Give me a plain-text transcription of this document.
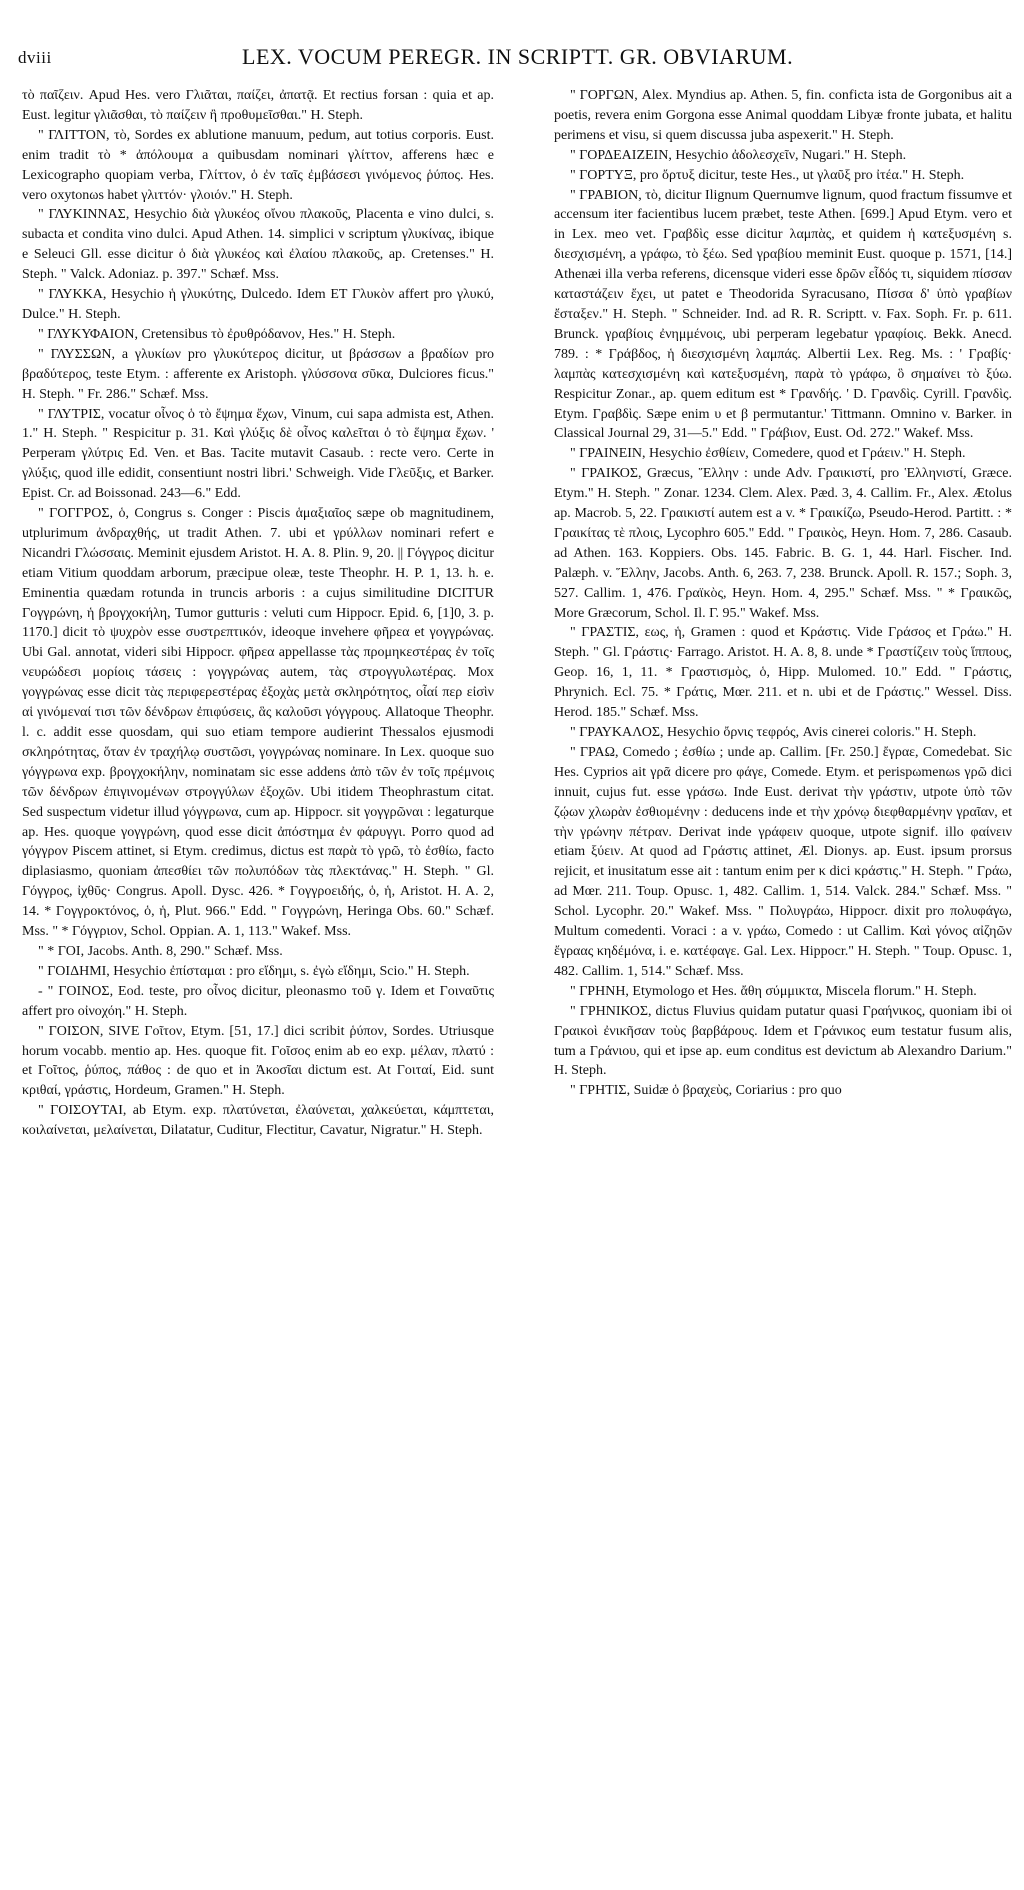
dviii	LEX. VOCUM PEREGR. IN SCRIPTT. GR. OBVIARUM.

τὸ παῖζειν. Apud Hes. vero Γλιᾶται, παίζει, ἀπατᾷ. Et rectius forsan : quia et ap. Eust. legitur γλιᾶσθαι, τὸ παίζειν ἢ προθυμεῖσθαι." H. Steph.

" ΓΛΙΤΤΟΝ, τὸ, Sordes ex ablutione manuum, pedum, aut totius corporis. Eust. enim tradit τὸ * ἀπόλουμα a quibusdam nominari γλίττον, afferens hæc e Lexicographo quopiam verba, Γλίττον, ὁ ἐν ταῖς ἐμβάσεσι γινόμενος ῥύπος. Hes. vero oxytonωs habet γλιττόν· γλοιόν." H. Steph.

" ΓΛΥΚΙΝΝΑΣ, Hesychio διὰ γλυκέος οἴνου πλακοῦς, Placenta e vino dulci, s. subacta et condita vino dulci. Apud Athen. 14. simplici ν scriptum γλυκίνας, ibique e Seleuci Gll. esse dicitur ὁ διὰ γλυκέος καὶ ἐλαίου πλακοῦς, ap. Cretenses." H. Steph. " Valck. Adoniaz. p. 397." Schæf. Mss.

" ΓΛΥΚΚΑ, Hesychio ἡ γλυκύτης, Dulcedo. Idem ET Γλυκὸν affert pro γλυκύ, Dulce." H. Steph.

" ΓΛΥΚΥΦΑΙΟΝ, Cretensibus τὸ ἐρυθρόδανον, Hes." H. Steph.

" ΓΛΥΣΣΩΝ, a γλυκίων pro γλυκύτερος dicitur, ut βράσσων a βραδίων pro βραδύτερος, teste Etym. : afferente ex Aristoph. γλύσσονα σῦκα, Dulciores ficus." H. Steph. " Fr. 286." Schæf. Mss.

" ΓΛΥΤΡΙΣ, vocatur οἶνος ὁ τὸ ἕψημα ἔχων, Vinum, cui sapa admista est, Athen. 1." H. Steph. " Respicitur p. 31. Καὶ γλύξις δὲ οἶνος καλεῖται ὁ τὸ ἕψημα ἔχων. ' Perperam γλύτρις Ed. Ven. et Bas. Tacite mutavit Casaub. : recte vero. Certe in γλύξις, quod ille edidit, consentiunt nostri libri.' Schweigh. Vide Γλεῦξις, et Barker. Epist. Cr. ad Boissonad. 243—6." Edd.

" ΓΟΓΓΡΟΣ, ὁ, Congrus s. Conger : Piscis ἁμαξιαῖος sæpe ob magnitudinem, utplurimum ἀνδραχθής, ut tradit Athen. 7. ubi et γρύλλων nominari refert e Nicandri Γλώσσαις. Meminit ejusdem Aristot. H. A. 8. Plin. 9, 20. || Γόγγρος dicitur etiam Vitium quoddam arborum, præcipue oleæ, teste Theophr. H. P. 1, 13. h. e. Eminentia quædam rotunda in truncis arboris : a cujus similitudine DICITUR Γογγρώνη, ἡ βρογχοκήλη, Tumor gutturis : veluti cum Hippocr. Epid. 6, [1]0, 3. p. 1170.] dicit τὸ ψυχρὸν esse συστρεπτικόν, ideoque invehere φῆρεα et γογγρώνας. Ubi Gal. annotat, videri sibi Hippocr. φῆρεα appellasse τὰς προμηκεστέρας ἐν τοῖς νευρώδεσι μορίοις τάσεις : γογγρώνας autem, τὰς στρογγυλωτέρας. Mox γογγρώνας esse dicit τὰς περιφερεστέρας ἐξοχὰς μετὰ σκληρότητος, οἷαί περ εἰσὶν αἱ γινόμεναί τισι τῶν δένδρων ἐπιφύσεις, ἃς καλοῦσι γόγγρους. Allatoque Theophr. l. c. addit esse quosdam, qui suo etiam tempore audierint Thessalos ejusmodi σκληρότητας, ὅταν ἐν τραχήλῳ συστῶσι, γογγρώνας nominare. In Lex. quoque suo γόγγρωνα exp. βρογχοκήλην, nominatam sic esse addens ἀπὸ τῶν ἐν τοῖς πρέμνοις τῶν δένδρων ἐπιγινομένων στρογγύλων ἐξοχῶν. Ubi itidem Theophrastum citat. Sed suspectum videtur illud γόγγρωνα, cum ap. Hippocr. sit γογγρῶναι : legaturque ap. Hes. quoque γογγρώνη, quod esse dicit ἀπόστημα ἐν φάρυγγι. Porro quod ad γόγγρον Piscem attinet, si Etym. credimus, dictus est παρὰ τὸ γρῶ, τὸ ἐσθίω, facto diplasiasmo, quoniam ἀπεσθίει τῶν πολυπόδων τὰς πλεκτάνας." H. Steph. " Gl. Γόγγρος, ἰχθῦς· Congrus. Apoll. Dysc. 426. * Γογγροειδής, ὁ, ἡ, Aristot. H. A. 2, 14. * Γογγροκτόνος, ὁ, ἡ, Plut. 966." Edd. " Γογγρώνη, Heringa Obs. 60." Schæf. Mss. " * Γόγγριον, Schol. Oppian. A. 1, 113." Wakef. Mss.

" * ΓΟΙ, Jacobs. Anth. 8, 290." Schæf. Mss.

" ΓΟΙΔΗΜΙ, Hesychio ἐπίσταμαι : pro εἴδημι, s. ἐγὼ εἴδημι, Scio." H. Steph.

- " ΓΟΙΝΟΣ, Eod. teste, pro οἶνος dicitur, pleonasmo τοῦ γ. Idem et Γοιναῦτις affert pro οἰνοχόη." H. Steph.

" ΓΟΙΣΟΝ, SIVE Γοῖτον, Etym. [51, 17.] dici scribit ῥύπον, Sordes. Utriusque horum vocabb. mentio ap. Hes. quoque fit. Γοῖσος enim ab eo exp. μέλαν, πλατύ : et Γοῖτος, ῥύπος, πάθος : de quo et in Ἀκοσῖαι dictum est. At Γοιταί, Eid. sunt κριθαί, γράστις, Hordeum, Gramen." H. Steph.

" ΓΟΙΣΟΥΤΑΙ, ab Etym. exp. πλατύνεται, ἐλαύνεται, χαλκεύεται, κάμπτεται, κοιλαίνεται, μελαίνεται, Dilatatur, Cuditur, Flectitur, Cavatur, Nigratur." H. Steph.

" ΓΟΡΓΩΝ, Alex. Myndius ap. Athen. 5, fin. conficta ista de Gorgonibus ait a poetis, revera enim Gorgona esse Animal quoddam Libyæ fronte jubata, et halitu perimens et visu, si quem discussa juba aspexerit." H. Steph.

" ΓΟΡΔΕΑΙΖΕΙΝ, Hesychio ἀδολεσχεῖν, Nugari." H. Steph.

" ΓΟΡΤΥΞ, pro ὄρτυξ dicitur, teste Hes., ut γλαῦξ pro ἰτέα." H. Steph.

" ΓΡΑΒΙΟΝ, τὸ, dicitur Ilignum Quernumve lignum, quod fractum fissumve et accensum iter facientibus lucem præbet, teste Athen. [699.] Apud Etym. vero et in Lex. meo vet. Γραβδὶς esse dicitur λαμπὰς, et quidem ἡ κατεξυσμένη s. διεσχισμένη, a γράφω, τὸ ξέω. Sed γραβίου meminit Eust. quoque p. 1571, [14.] Athenæi illa verba referens, dicensque videri esse δρῶν εἶδός τι, siquidem πίσσαν καταστάζειν ἔχει, ut patet e Theodorida Syracusano, Πίσσα δ' ὑπὸ γραβίων ἔσταξεν." H. Steph. " Schneider. Ind. ad R. R. Scriptt. v. Fax. Soph. Fr. p. 611. Brunck. γραβίοις ἐνημμένοις, ubi perperam legebatur γραφίοις. Bekk. Anecd. 789. : * Γράβδος, ἡ διεσχισμένη λαμπάς. Albertii Lex. Reg. Ms. : ' Γραβίς· λαμπὰς κατεσχισμένη καὶ κατεξυσμένη, παρὰ τὸ γράφω, ὃ σημαίνει τὸ ξύω. Respicitur Zonar., ap. quem editum est * Γρανδής. ' D. Γρανδὶς. Cyrill. Γρανδὶς. Etym. Γραβδὶς. Sæpe enim υ et β permutantur.' Tittmann. Omnino v. Barker. in Classical Journal 29, 31—5." Edd. " Γράβιον, Eust. Od. 272." Wakef. Mss.

" ΓΡΑΙΝΕΙΝ, Hesychio ἐσθίειν, Comedere, quod et Γράειν." H. Steph.

" ΓΡΑΙΚΟΣ, Græcus, Ἕλλην : unde Adv. Γραικιστί, pro Ἑλληνιστί, Græce. Etym." H. Steph. " Zonar. 1234. Clem. Alex. Pæd. 3, 4. Callim. Fr., Alex. Ætolus ap. Macrob. 5, 22. Γραικιστί autem est a v. * Γραικίζω, Pseudo-Herod. Partitt. : * Γραικίτας τὲ πλοις, Lycophro 605." Edd. " Γραικὸς, Heyn. Hom. 7, 286. Casaub. ad Athen. 163. Koppiers. Obs. 145. Fabric. B. G. 1, 44. Harl. Fischer. Ind. Palæph. v. Ἕλλην, Jacobs. Anth. 6, 263. 7, 238. Brunck. Apoll. R. 157.; Soph. 3, 527. Callim. 1, 476. Γραϊκὸς, Heyn. Hom. 4, 295." Schæf. Mss. " * Γραικῶς, More Græcorum, Schol. Il. Γ. 95." Wakef. Mss.

" ΓΡΑΣΤΙΣ, εως, ἡ, Gramen : quod et Κράστις. Vide Γράσος et Γράω." H. Steph. " Gl. Γράστις· Farrago. Aristot. H. A. 8, 8. unde * Γραστίζειν τοὺς ἵππους, Geop. 16, 1, 11. * Γραστισμὸς, ὁ, Hipp. Mulomed. 10." Edd. " Γράστις, Phrynich. Ecl. 75. * Γράτις, Mœr. 211. et n. ubi et de Γράστις." Wessel. Diss. Herod. 185." Schæf. Mss.

" ΓΡΑΥΚΑΛΟΣ, Hesychio ὄρνις τεφρός, Avis cinerei coloris." H. Steph.

" ΓΡΑΩ, Comedo ; ἐσθίω ; unde ap. Callim. [Fr. 250.] ἔγραε, Comedebat. Sic Hes. Cyprios ait γρᾶ dicere pro φάγε, Comede. Etym. et perispωmenωs γρῶ dici innuit, cujus fut. esse γράσω. Inde Eust. derivat τὴν γράστιν, utpote ὑπὸ τῶν ζῴων χλωρὰν ἐσθιομένην : deducens inde et τὴν χρόνῳ διεφθαρμένην γραῖαν, et τὴν γρώνην πέτραν. Derivat inde γράφειν quoque, utpote signif. illo φαίνειν etiam ξύειν. At quod ad Γράστις attinet, Æl. Dionys. ap. Eust. ipsum prorsus rejicit, et inusitatum esse ait : tantum enim per κ dici κράστις." H. Steph. " Γράω, ad Mœr. 211. Toup. Opusc. 1, 482. Callim. 1, 514. Valck. 284." Schæf. Mss. " Schol. Lycophr. 20." Wakef. Mss. " Πολυγράω, Hippocr. dixit pro πολυφάγω, Multum comedenti. Voraci : a v. γράω, Comedo : ut Callim. Καὶ γόνος αἰζηῶν ἔγραας κηδέμόνα, i. e. κατέφαγε. Gal. Lex. Hippocr." H. Steph. " Toup. Opusc. 1, 482. Callim. 1, 514." Schæf. Mss.

" ΓΡΗΝΗ, Etymologo et Hes. ἄθη σύμμικτα, Miscela florum." H. Steph.

" ΓΡΗΝΙΚΟΣ, dictus Fluvius quidam putatur quasi Γραήνικος, quoniam ibi οἱ Γραικοὶ ἐνικῆσαν τοὺς βαρβάρους. Idem et Γράνικος eum testatur fusum alis, tum a Γράνιου, qui et ipse ap. eum conditus est devictum ab Alexandro Darium." H. Steph.

" ΓΡΗΤΙΣ, Suidæ ὁ βραχεὺς, Coriarius : pro quo
